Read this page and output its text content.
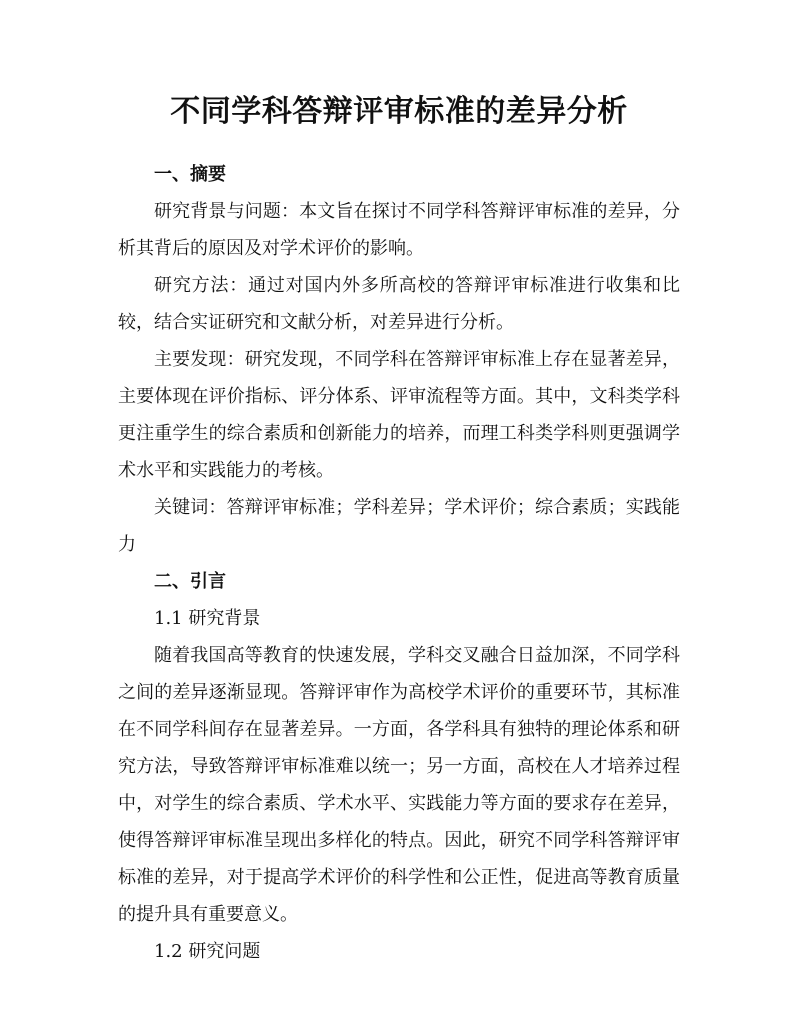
不同学科答辩评审标准的差异分析

一、摘要

研究背景与问题：本文旨在探讨不同学科答辩评审标准的差异，分析其背后的原因及对学术评价的影响。

研究方法：通过对国内外多所高校的答辩评审标准进行收集和比较，结合实证研究和文献分析，对差异进行分析。

主要发现：研究发现，不同学科在答辩评审标准上存在显著差异，主要体现在评价指标、评分体系、评审流程等方面。其中，文科类学科更注重学生的综合素质和创新能力的培养，而理工科类学科则更强调学术水平和实践能力的考核。

关键词：答辩评审标准；学科差异；学术评价；综合素质；实践能力

二、引言

1.1 研究背景

随着我国高等教育的快速发展，学科交叉融合日益加深，不同学科之间的差异逐渐显现。答辩评审作为高校学术评价的重要环节，其标准在不同学科间存在显著差异。一方面，各学科具有独特的理论体系和研究方法，导致答辩评审标准难以统一；另一方面，高校在人才培养过程中，对学生的综合素质、学术水平、实践能力等方面的要求存在差异，使得答辩评审标准呈现出多样化的特点。因此，研究不同学科答辩评审标准的差异，对于提高学术评价的科学性和公正性，促进高等教育质量的提升具有重要意义。

1.2 研究问题
